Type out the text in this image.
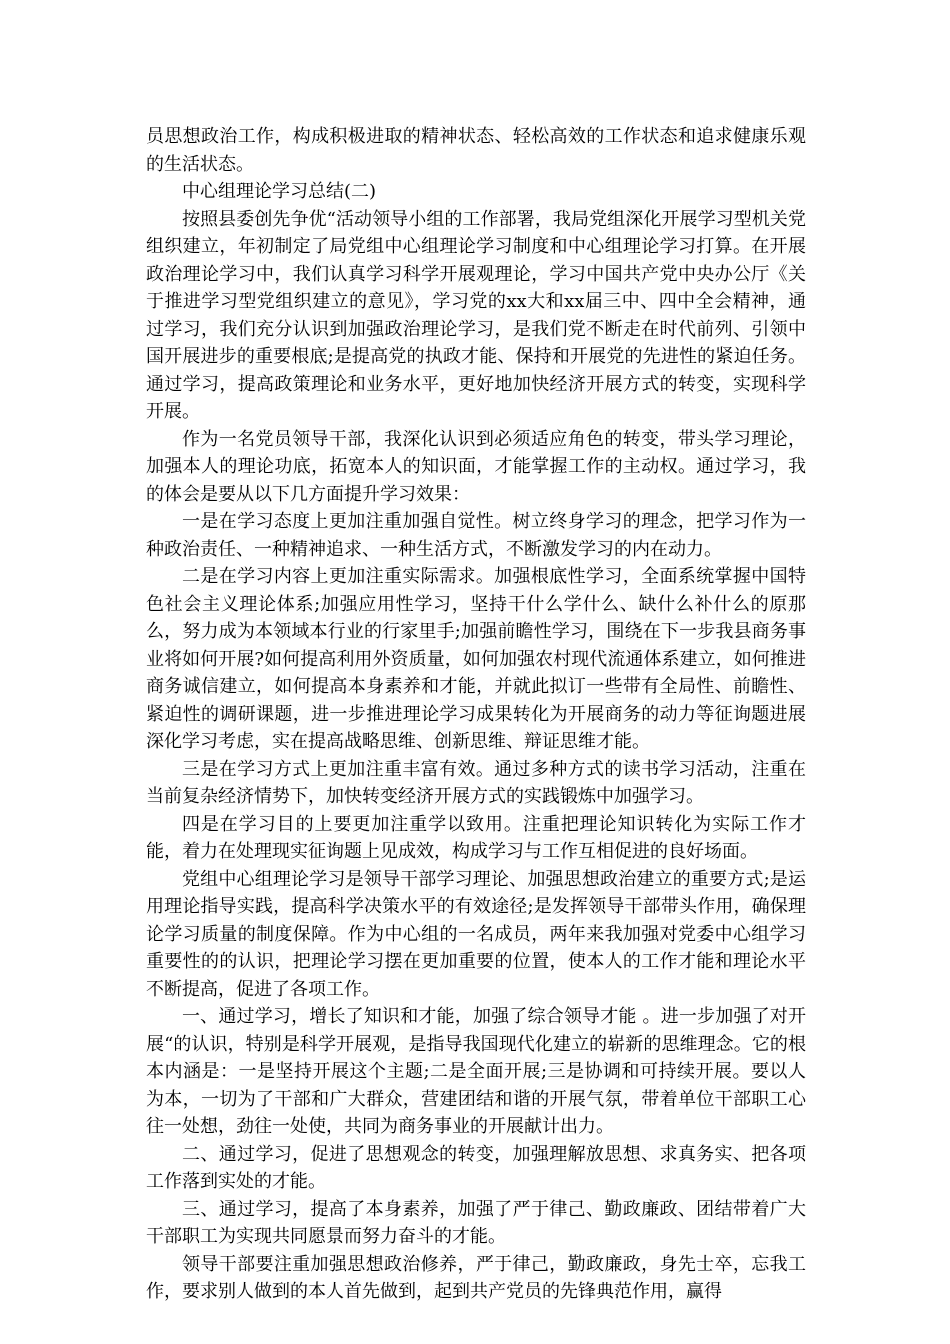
员思想政治工作，构成积极进取的精神状态、轻松高效的工作状态和追求健康乐观的生活状态。

中心组理论学习总结(二)

按照县委创先争优“活动领导小组的工作部署，我局党组深化开展学习型机关党组织建立，年初制定了局党组中心组理论学习制度和中心组理论学习打算。在开展政治理论学习中，我们认真学习科学开展观理论，学习中国共产党中央办公厅《关于推进学习型党组织建立的意见》，学习党的xx大和xx届三中、四中全会精神，通过学习，我们充分认识到加强政治理论学习，是我们党不断走在时代前列、引领中国开展进步的重要根底;是提高党的执政才能、保持和开展党的先进性的紧迫任务。通过学习，提高政策理论和业务水平，更好地加快经济开展方式的转变，实现科学开展。

作为一名党员领导干部，我深化认识到必须适应角色的转变，带头学习理论，加强本人的理论功底，拓宽本人的知识面，才能掌握工作的主动权。通过学习，我的体会是要从以下几方面提升学习效果：

一是在学习态度上更加注重加强自觉性。树立终身学习的理念，把学习作为一种政治责任、一种精神追求、一种生活方式，不断激发学习的内在动力。

二是在学习内容上更加注重实际需求。加强根底性学习，全面系统掌握中国特色社会主义理论体系;加强应用性学习，坚持干什么学什么、缺什么补什么的原那么，努力成为本领域本行业的行家里手;加强前瞻性学习，围绕在下一步我县商务事业将如何开展?如何提高利用外资质量，如何加强农村现代流通体系建立，如何推进商务诚信建立，如何提高本身素养和才能，并就此拟订一些带有全局性、前瞻性、紧迫性的调研课题，进一步推进理论学习成果转化为开展商务的动力等征询题进展深化学习考虑，实在提高战略思维、创新思维、辩证思维才能。

三是在学习方式上更加注重丰富有效。通过多种方式的读书学习活动，注重在当前复杂经济情势下，加快转变经济开展方式的实践锻炼中加强学习。

四是在学习目的上要更加注重学以致用。注重把理论知识转化为实际工作才能，着力在处理现实征询题上见成效，构成学习与工作互相促进的良好场面。

党组中心组理论学习是领导干部学习理论、加强思想政治建立的重要方式;是运用理论指导实践，提高科学决策水平的有效途径;是发挥领导干部带头作用，确保理论学习质量的制度保障。作为中心组的一名成员，两年来我加强对党委中心组学习重要性的的认识，把理论学习摆在更加重要的位置，使本人的工作才能和理论水平不断提高，促进了各项工作。

一、通过学习，增长了知识和才能，加强了综合领导才能 。进一步加强了对开展“的认识，特别是科学开展观，是指导我国现代化建立的崭新的思维理念。它的根本内涵是：一是坚持开展这个主题;二是全面开展;三是协调和可持续开展。要以人为本，一切为了干部和广大群众，营建团结和谐的开展气氛，带着单位干部职工心往一处想，劲往一处使，共同为商务事业的开展献计出力。

二、通过学习，促进了思想观念的转变，加强理解放思想、求真务实、把各项工作落到实处的才能。

三、通过学习，提高了本身素养，加强了严于律己、勤政廉政、团结带着广大干部职工为实现共同愿景而努力奋斗的才能。

领导干部要注重加强思想政治修养，严于律己，勤政廉政，身先士卒，忘我工作，要求别人做到的本人首先做到，起到共产党员的先锋典范作用，赢得
